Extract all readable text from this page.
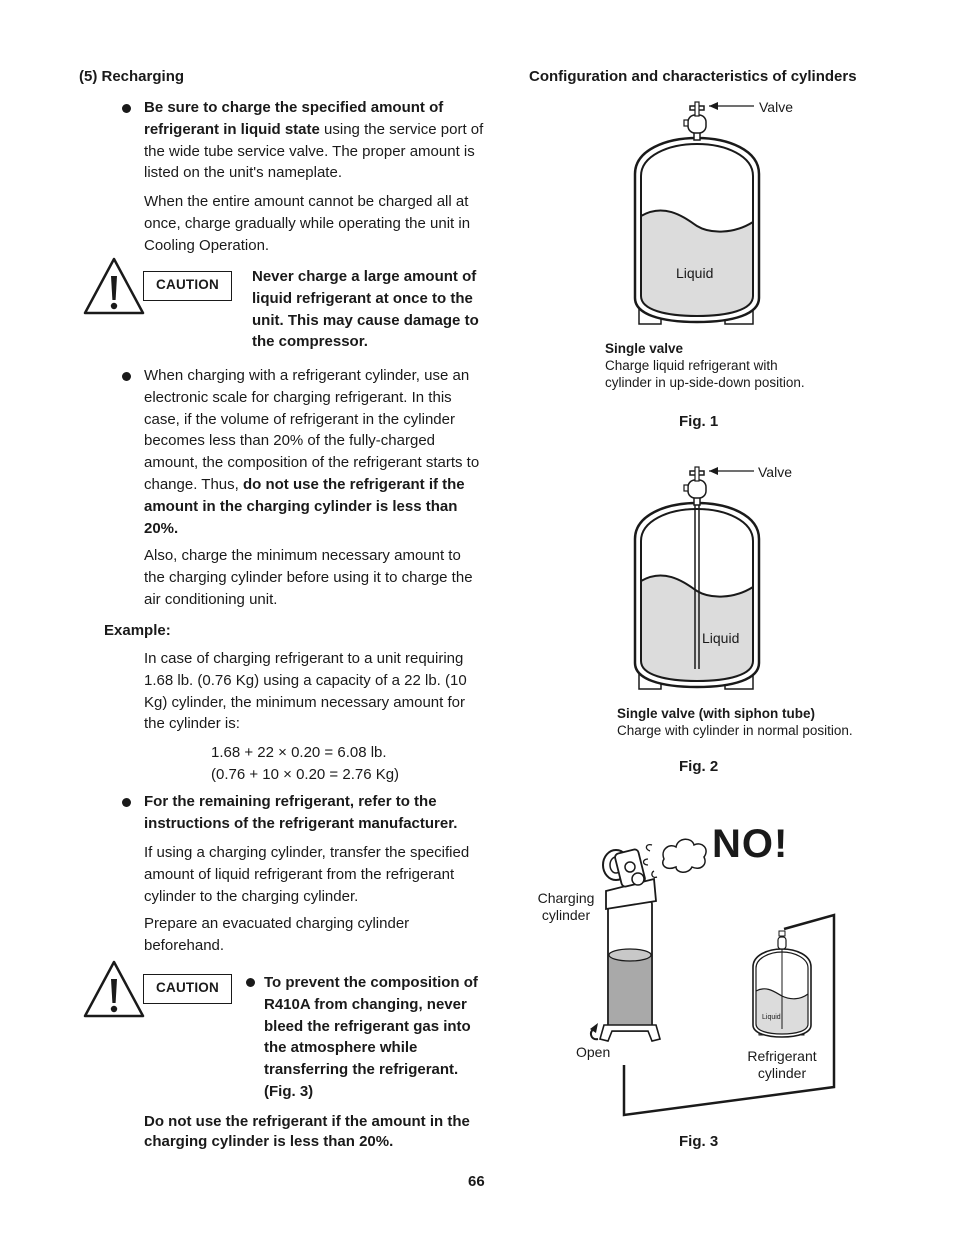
(5) Recharging

Be sure to charge the specified amount of refrigerant in liquid state using the service port of the wide tube service valve. The proper amount is listed on the unit's nameplate.

When the entire amount cannot be charged all at once, charge gradually while operating the unit in Cooling Operation.

CAUTION	Never charge a large amount of liquid refrigerant at once to the unit. This may cause damage to the compressor.

When charging with a refrigerant cylinder, use an electronic scale for charging refrigerant. In this case, if the volume of refrigerant in the cylinder becomes less than 20% of the fully-charged amount, the composition of the refrigerant starts to change. Thus, do not use the refrigerant if the amount in the charging cylinder is less than 20%.

Also, charge the minimum necessary amount to the charging cylinder before using it to charge the air conditioning unit.

Example:

In case of charging refrigerant to a unit requiring 1.68 lb. (0.76 Kg) using a capacity of a 22 lb. (10 Kg) cylinder, the minimum necessary amount for the cylinder is:

1.68 + 22 × 0.20 = 6.08 lb.
(0.76 + 10 × 0.20 = 2.76 Kg)

For the remaining refrigerant, refer to the instructions of the refrigerant manufacturer.

If using a charging cylinder, transfer the specified amount of liquid refrigerant from the refrigerant cylinder to the charging cylinder.

Prepare an evacuated charging cylinder beforehand.

CAUTION	To prevent the composition of R410A from changing, never bleed the refrigerant gas into the atmosphere while transferring the refrigerant. (Fig. 3)

Do not use the refrigerant if the amount in the charging cylinder is less than 20%.

Configuration and characteristics of cylinders
Valve
Liquid
Single valve
Charge liquid refrigerant with
cylinder in up-side-down position.
Fig. 1
Valve
Liquid
Single valve (with siphon tube)
Charge with cylinder in normal position.
Fig. 2
NO!
Charging
cylinder
Open
Liquid
Refrigerant
cylinder
Fig. 3
66
